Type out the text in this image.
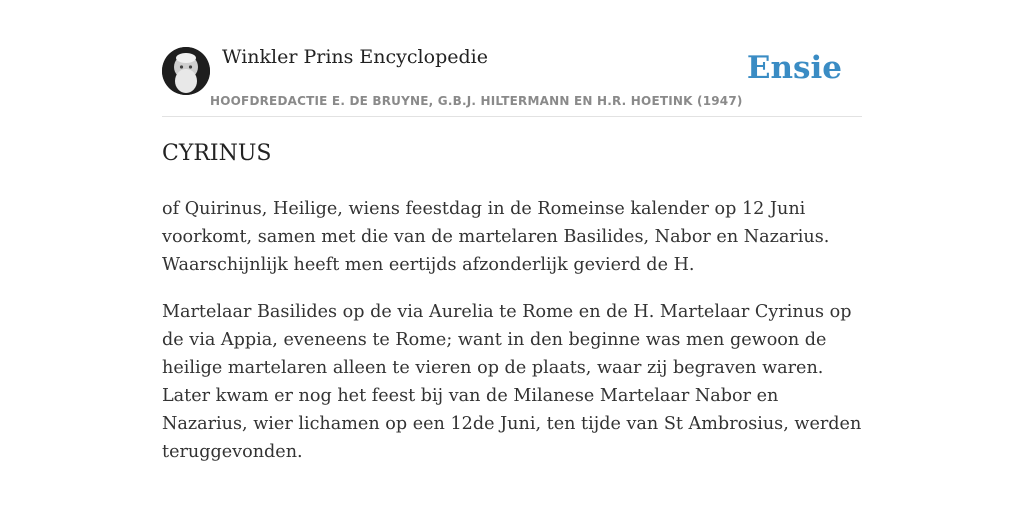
Winkler Prins Encyclopedie
HOOFDREDACTIE E. DE BRUYNE, G.B.J. HILTERMANN EN H.R. HOETINK (1947)
Ensie
CYRINUS

of Quirinus, Heilige, wiens feestdag in de Romeinse kalender op 12 Juni voorkomt, samen met die van de martelaren Basilides, Nabor en Nazarius. Waarschijnlijk heeft men eertijds afzonderlijk gevierd de H.

Martelaar Basilides op de via Aurelia te Rome en de H. Martelaar Cyrinus op de via Appia, eveneens te Rome; want in den beginne was men gewoon de heilige martelaren alleen te vieren op de plaats, waar zij begraven waren. Later kwam er nog het feest bij van de Milanese Martelaar Nabor en Nazarius, wier lichamen op een 12de Juni, ten tijde van St Ambrosius, werden teruggevonden.
